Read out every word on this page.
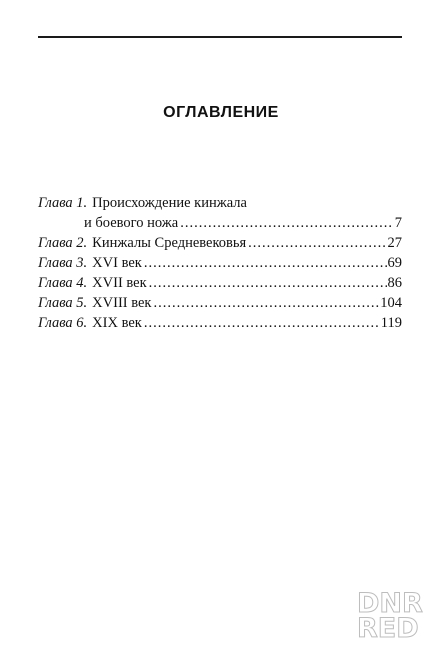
ОГЛАВЛЕНИЕ
Глава 1. Происхождение кинжала
и боевого ножа .....	7
Глава 2. Кинжалы Средневековья .....	27
Глава 3. XVI век .....	69
Глава 4. XVII век .....	86
Глава 5. XVIII век .....	104
Глава 6. XIX век .....	119
DNR
RED
